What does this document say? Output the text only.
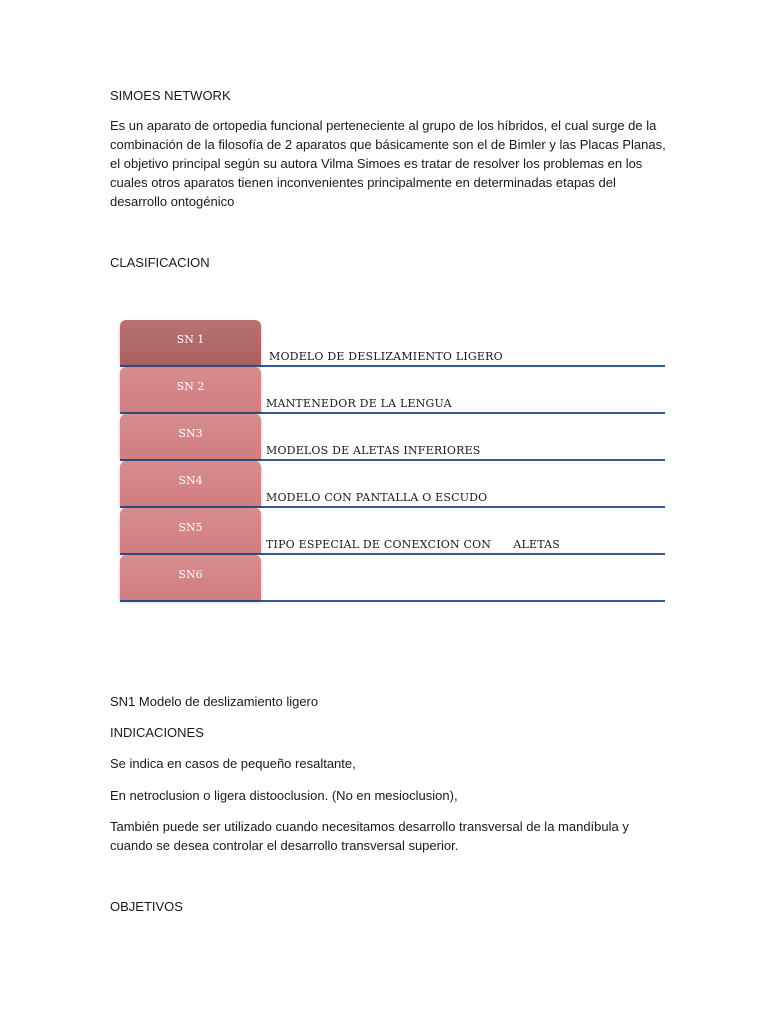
SIMOES NETWORK

Es un aparato de ortopedia funcional perteneciente al grupo de los híbridos, el cual surge de la combinación de la filosofía de 2 aparatos que básicamente son el de Bimler y las Placas Planas, el objetivo principal según su autora Vilma Simoes es tratar de resolver los problemas en los cuales otros aparatos tienen inconvenientes principalmente en determinadas etapas del desarrollo ontogénico

CLASIFICACION

SN 1
MODELO DE DESLIZAMIENTO LIGERO
SN 2
MANTENEDOR DE LA LENGUA
SN3
MODELOS DE ALETAS INFERIORES
SN4
MODELO CON PANTALLA O ESCUDO
SN5
TIPO ESPECIAL DE CONEXCION CON      ALETAS
SN6

SN1 Modelo de deslizamiento ligero

INDICACIONES

Se indica en casos de pequeño resaltante,

En netroclusion o ligera distooclusion. (No en mesioclusion),

También puede ser utilizado cuando necesitamos desarrollo transversal de la mandíbula y cuando se desea controlar el desarrollo transversal superior.

OBJETIVOS
